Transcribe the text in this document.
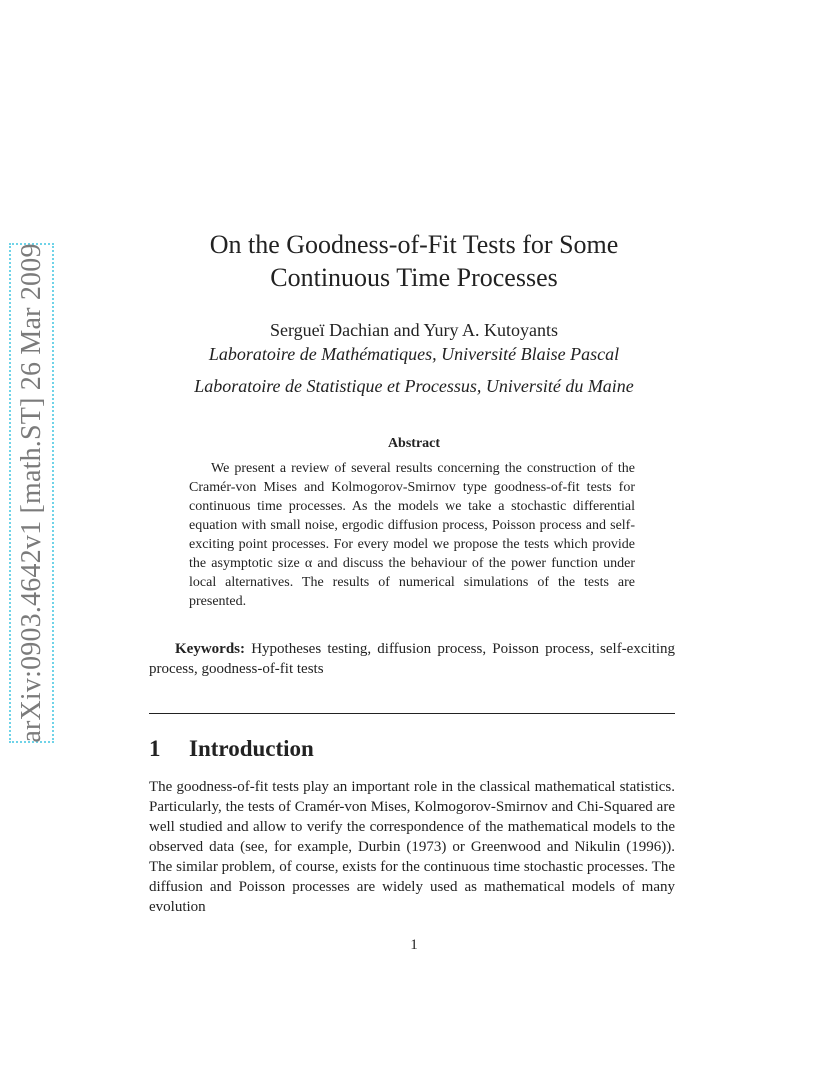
arXiv:0903.4642v1 [math.ST] 26 Mar 2009	On the Goodness-of-Fit Tests for Some
Continuous Time Processes
Sergueï Dachian and Yury A. Kutoyants
Laboratoire de Mathématiques, Université Blaise Pascal
Laboratoire de Statistique et Processus, Université du Maine
Abstract

We present a review of several results concerning the construction of the Cramér-von Mises and Kolmogorov-Smirnov type goodness-of-fit tests for continuous time processes. As the models we take a stochastic differential equation with small noise, ergodic diffusion process, Poisson process and self-exciting point processes. For every model we propose the tests which provide the asymptotic size α and discuss the behaviour of the power function under local alternatives. The results of numerical simulations of the tests are presented.

Keywords: Hypotheses testing, diffusion process, Poisson process, self-exciting process, goodness-of-fit tests

1 Introduction

The goodness-of-fit tests play an important role in the classical mathematical statistics. Particularly, the tests of Cramér-von Mises, Kolmogorov-Smirnov and Chi-Squared are well studied and allow to verify the correspondence of the mathematical models to the observed data (see, for example, Durbin (1973) or Greenwood and Nikulin (1996)). The similar problem, of course, exists for the continuous time stochastic processes. The diffusion and Poisson processes are widely used as mathematical models of many evolution

1
